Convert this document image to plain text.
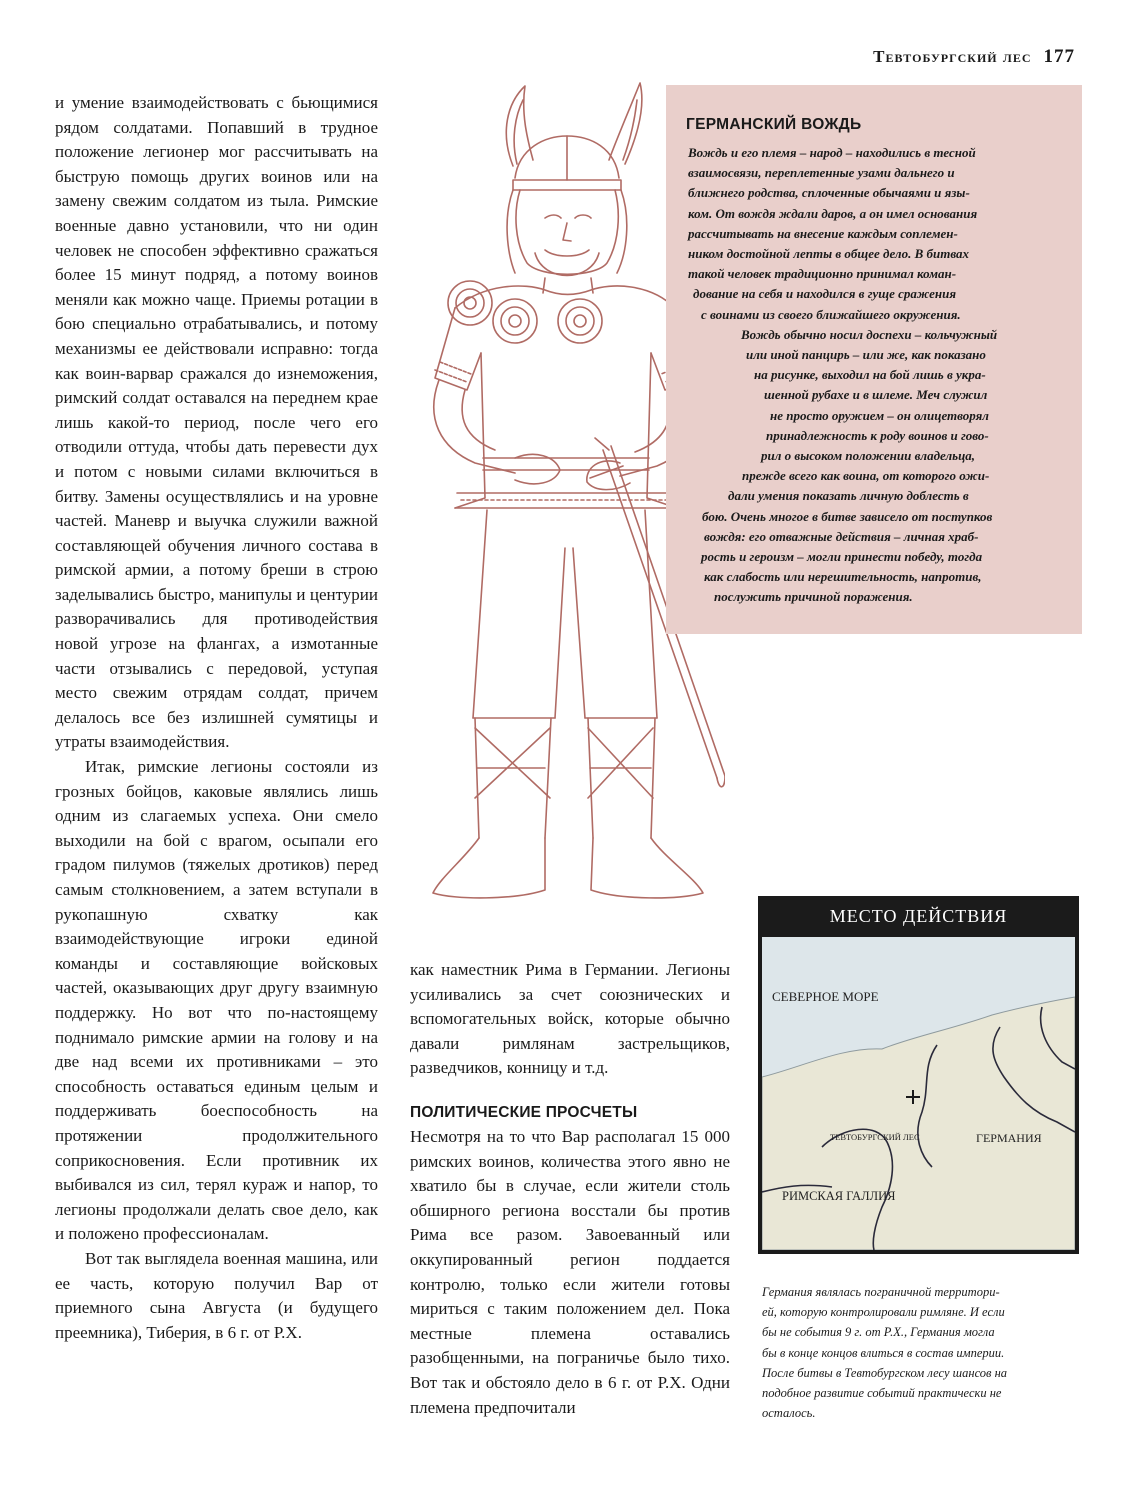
Тевтобургский лес 177

и умение взаимодействовать с бьющимися рядом солдатами. Попавший в трудное положение легионер мог рассчитывать на быструю помощь других воинов или на замену свежим солдатом из тыла. Римские военные давно установили, что ни один человек не способен эффективно сражаться более 15 минут подряд, а потому воинов меняли как можно чаще. Приемы ротации в бою специально отрабатывались, и потому механизмы ее действовали исправно: тогда как воин-варвар сражался до изнеможения, римский солдат оставался на переднем крае лишь какой-то период, после чего его отводили оттуда, чтобы дать перевести дух и потом с новыми силами включиться в битву. Замены осуществлялись и на уровне частей. Маневр и выучка служили важной составляющей обучения личного состава в римской армии, а потому бреши в строю заделывались быстро, манипулы и центурии разворачивались для противодействия новой угрозе на флангах, а измотанные части отзывались с передовой, уступая место свежим отрядам солдат, причем делалось все без излишней сумятицы и утраты взаимодействия.

Итак, римские легионы состояли из грозных бойцов, каковые являлись лишь одним из слагаемых успеха. Они смело выходили на бой с врагом, осыпали его градом пилумов (тяжелых дротиков) перед самым столкновением, а затем вступали в рукопашную схватку как взаимодействующие игроки единой команды и составляющие войсковых частей, оказывающих друг другу взаимную поддержку. Но вот что по-настоящему поднимало римские армии на голову и на две над всеми их противниками – это способность оставаться единым целым и поддерживать боеспособность на протяжении продолжительного соприкосновения. Если противник их выбивался из сил, терял кураж и напор, то легионы продолжали делать свое дело, как и положено профессионалам.

Вот так выглядела военная машина, или ее часть, которую получил Вар от приемного сына Августа (и будущего преемника), Тиберия, в 6 г. от Р.Х.

ГЕРМАНСКИЙ ВОЖДЬ
Вождь и его племя – народ – находились в тесной
взаимосвязи, переплетенные узами дальнего и
ближнего родства, сплоченные обычаями и язы-
ком. От вождя ждали даров, а он имел основания
рассчитывать на внесение каждым соплемен-
ником достойной лепты в общее дело. В битвах
такой человек традиционно принимал коман-
дование на себя и находился в гуще сражения
с воинами из своего ближайшего окружения.
Вождь обычно носил доспехи – кольчужный
или иной панцирь – или же, как показано
на рисунке, выходил на бой лишь в укра-
шенной рубахе и в шлеме. Меч служил
не просто оружием – он олицетворял
принадлежность к роду воинов и гово-
рил о высоком положении владельца,
прежде всего как воина, от которого ожи-
дали умения показать личную доблесть в
бою. Очень многое в битве зависело от поступков
вождя: его отважные действия – личная храб-
рость и героизм – могли принести победу, тогда
как слабость или нерешительность, напротив,
послужить причиной поражения.

как наместник Рима в Германии. Легионы усиливались за счет союзнических и вспомогательных войск, которые обычно давали римлянам застрельщиков, разведчиков, конницу и т.д.

ПОЛИТИЧЕСКИЕ ПРОСЧЕТЫ

Несмотря на то что Вар располагал 15 000 римских воинов, количества этого явно не хватило бы в случае, если жители столь обширного региона восстали бы против Рима все разом. Завоеванный или оккупированный регион поддается контролю, только если жители готовы мириться с таким положением дел. Пока местные племена оставались разобщенными, на пограничье было тихо. Вот так и обстояло дело в 6 г. от Р.Х. Одни племена предпочитали

МЕСТО ДЕЙСТВИЯ
СЕВЕРНОЕ МОРЕ
ТЕВТОБУРГСКИЙ ЛЕС	ГЕРМАНИЯ
РИМСКАЯ ГАЛЛИЯ
Германия являлась пограничной территори-
ей, которую контролировали римляне. И если
бы не события 9 г. от Р.Х., Германия могла
бы в конце концов влиться в состав империи.
После битвы в Тевтобургском лесу шансов на
подобное развитие событий практически не
осталось.
